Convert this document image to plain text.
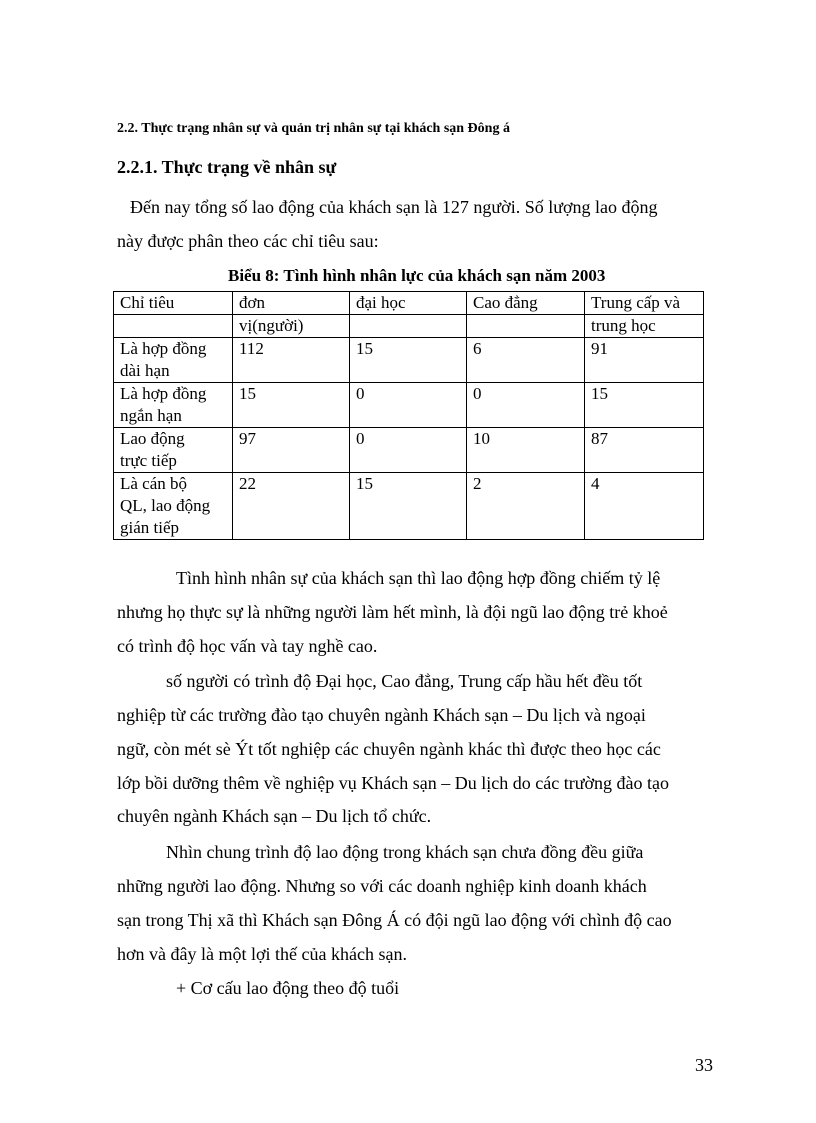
2.2. Thực trạng nhân sự và quản trị nhân sự tại khách sạn Đông á
2.2.1. Thực trạng về nhân sự
Đến nay tổng số lao động của khách sạn là 127 người. Số lượng lao động
này được phân theo các chỉ tiêu sau:
Biểu 8: Tình hình nhân lực của khách sạn năm 2003
Chỉ tiêu	đơn	đại học	Cao đẳng	Trung cấp và
	vị(người)			trung học

Là hợp đồng
dài hạn	112	15	6	91

Là hợp đồng
ngắn hạn	15	0	0	15

Lao động
trực tiếp	97	0	10	87

Là cán bộ
QL, lao động
gián tiếp	22	15	2	4
Tình hình nhân sự của khách sạn thì lao động hợp đồng chiếm tỷ lệ
nhưng họ thực sự là những người làm hết mình, là đội ngũ lao động trẻ khoẻ
có trình độ học vấn và tay nghề cao.
số người có trình độ Đại học, Cao đẳng, Trung cấp hầu hết đều tốt
nghiệp từ các trường đào tạo chuyên ngành Khách sạn – Du lịch và ngoại
ngữ, còn mét sè Ýt tốt nghiệp các chuyên ngành khác thì được theo học các
lớp bồi dưỡng thêm về nghiệp vụ Khách sạn – Du lịch do các trường đào tạo
chuyên ngành Khách sạn – Du lịch tổ chức.
Nhìn chung trình độ lao động trong khách sạn chưa đồng đều giữa
những người lao động. Nhưng so với các doanh nghiệp kinh doanh khách
sạn trong Thị xã thì Khách sạn Đông Á có đội ngũ lao động với chình độ cao
hơn và đây là một lợi thế của khách sạn.
+ Cơ cấu lao động theo độ tuổi
33
